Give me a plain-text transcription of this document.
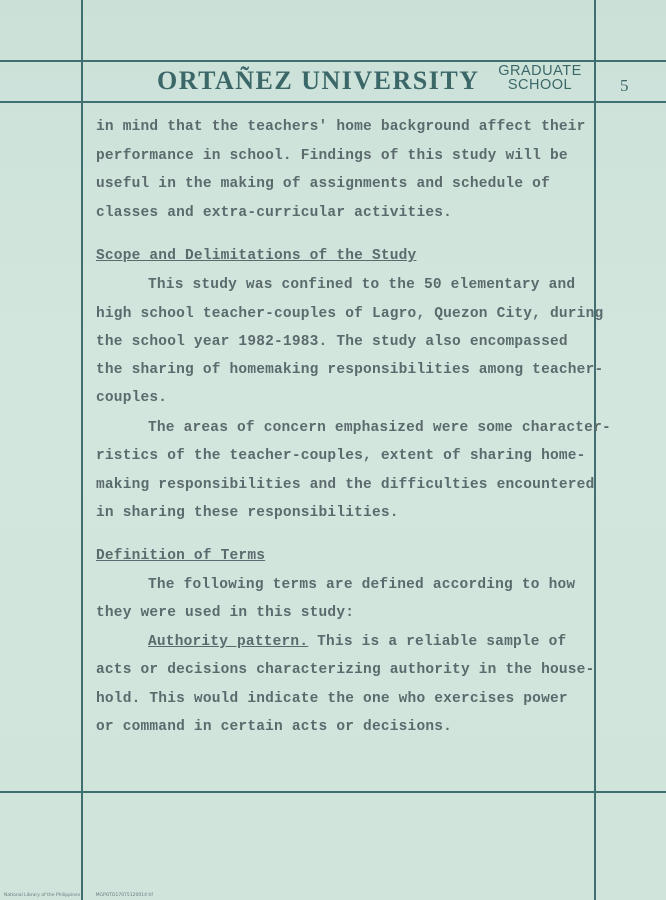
ORTAÑEZ UNIVERSITY	GRADUATE
SCHOOL	5
in mind that the teachers' home background affect their
performance in school. Findings of this study will be
useful in the making of assignments and schedule of
classes and extra-curricular activities.
Scope and Delimitations of the Study
This study was confined to the 50 elementary and
high school teacher-couples of Lagro, Quezon City, during
the school year 1982-1983. The study also encompassed
the sharing of homemaking responsibilities among teacher-
couples.
The areas of concern emphasized were some character-
ristics of the teacher-couples, extent of sharing home-
making responsibilities and the difficulties encountered
in sharing these responsibilities.
Definition of Terms
The following terms are defined according to how
they were used in this study:
Authority pattern. This is a reliable sample of
acts or decisions characterizing authority in the house-
hold. This would indicate the one who exercises power
or command in certain acts or decisions.
National Library of the Philippines	MGPOTD17075120014 tif
